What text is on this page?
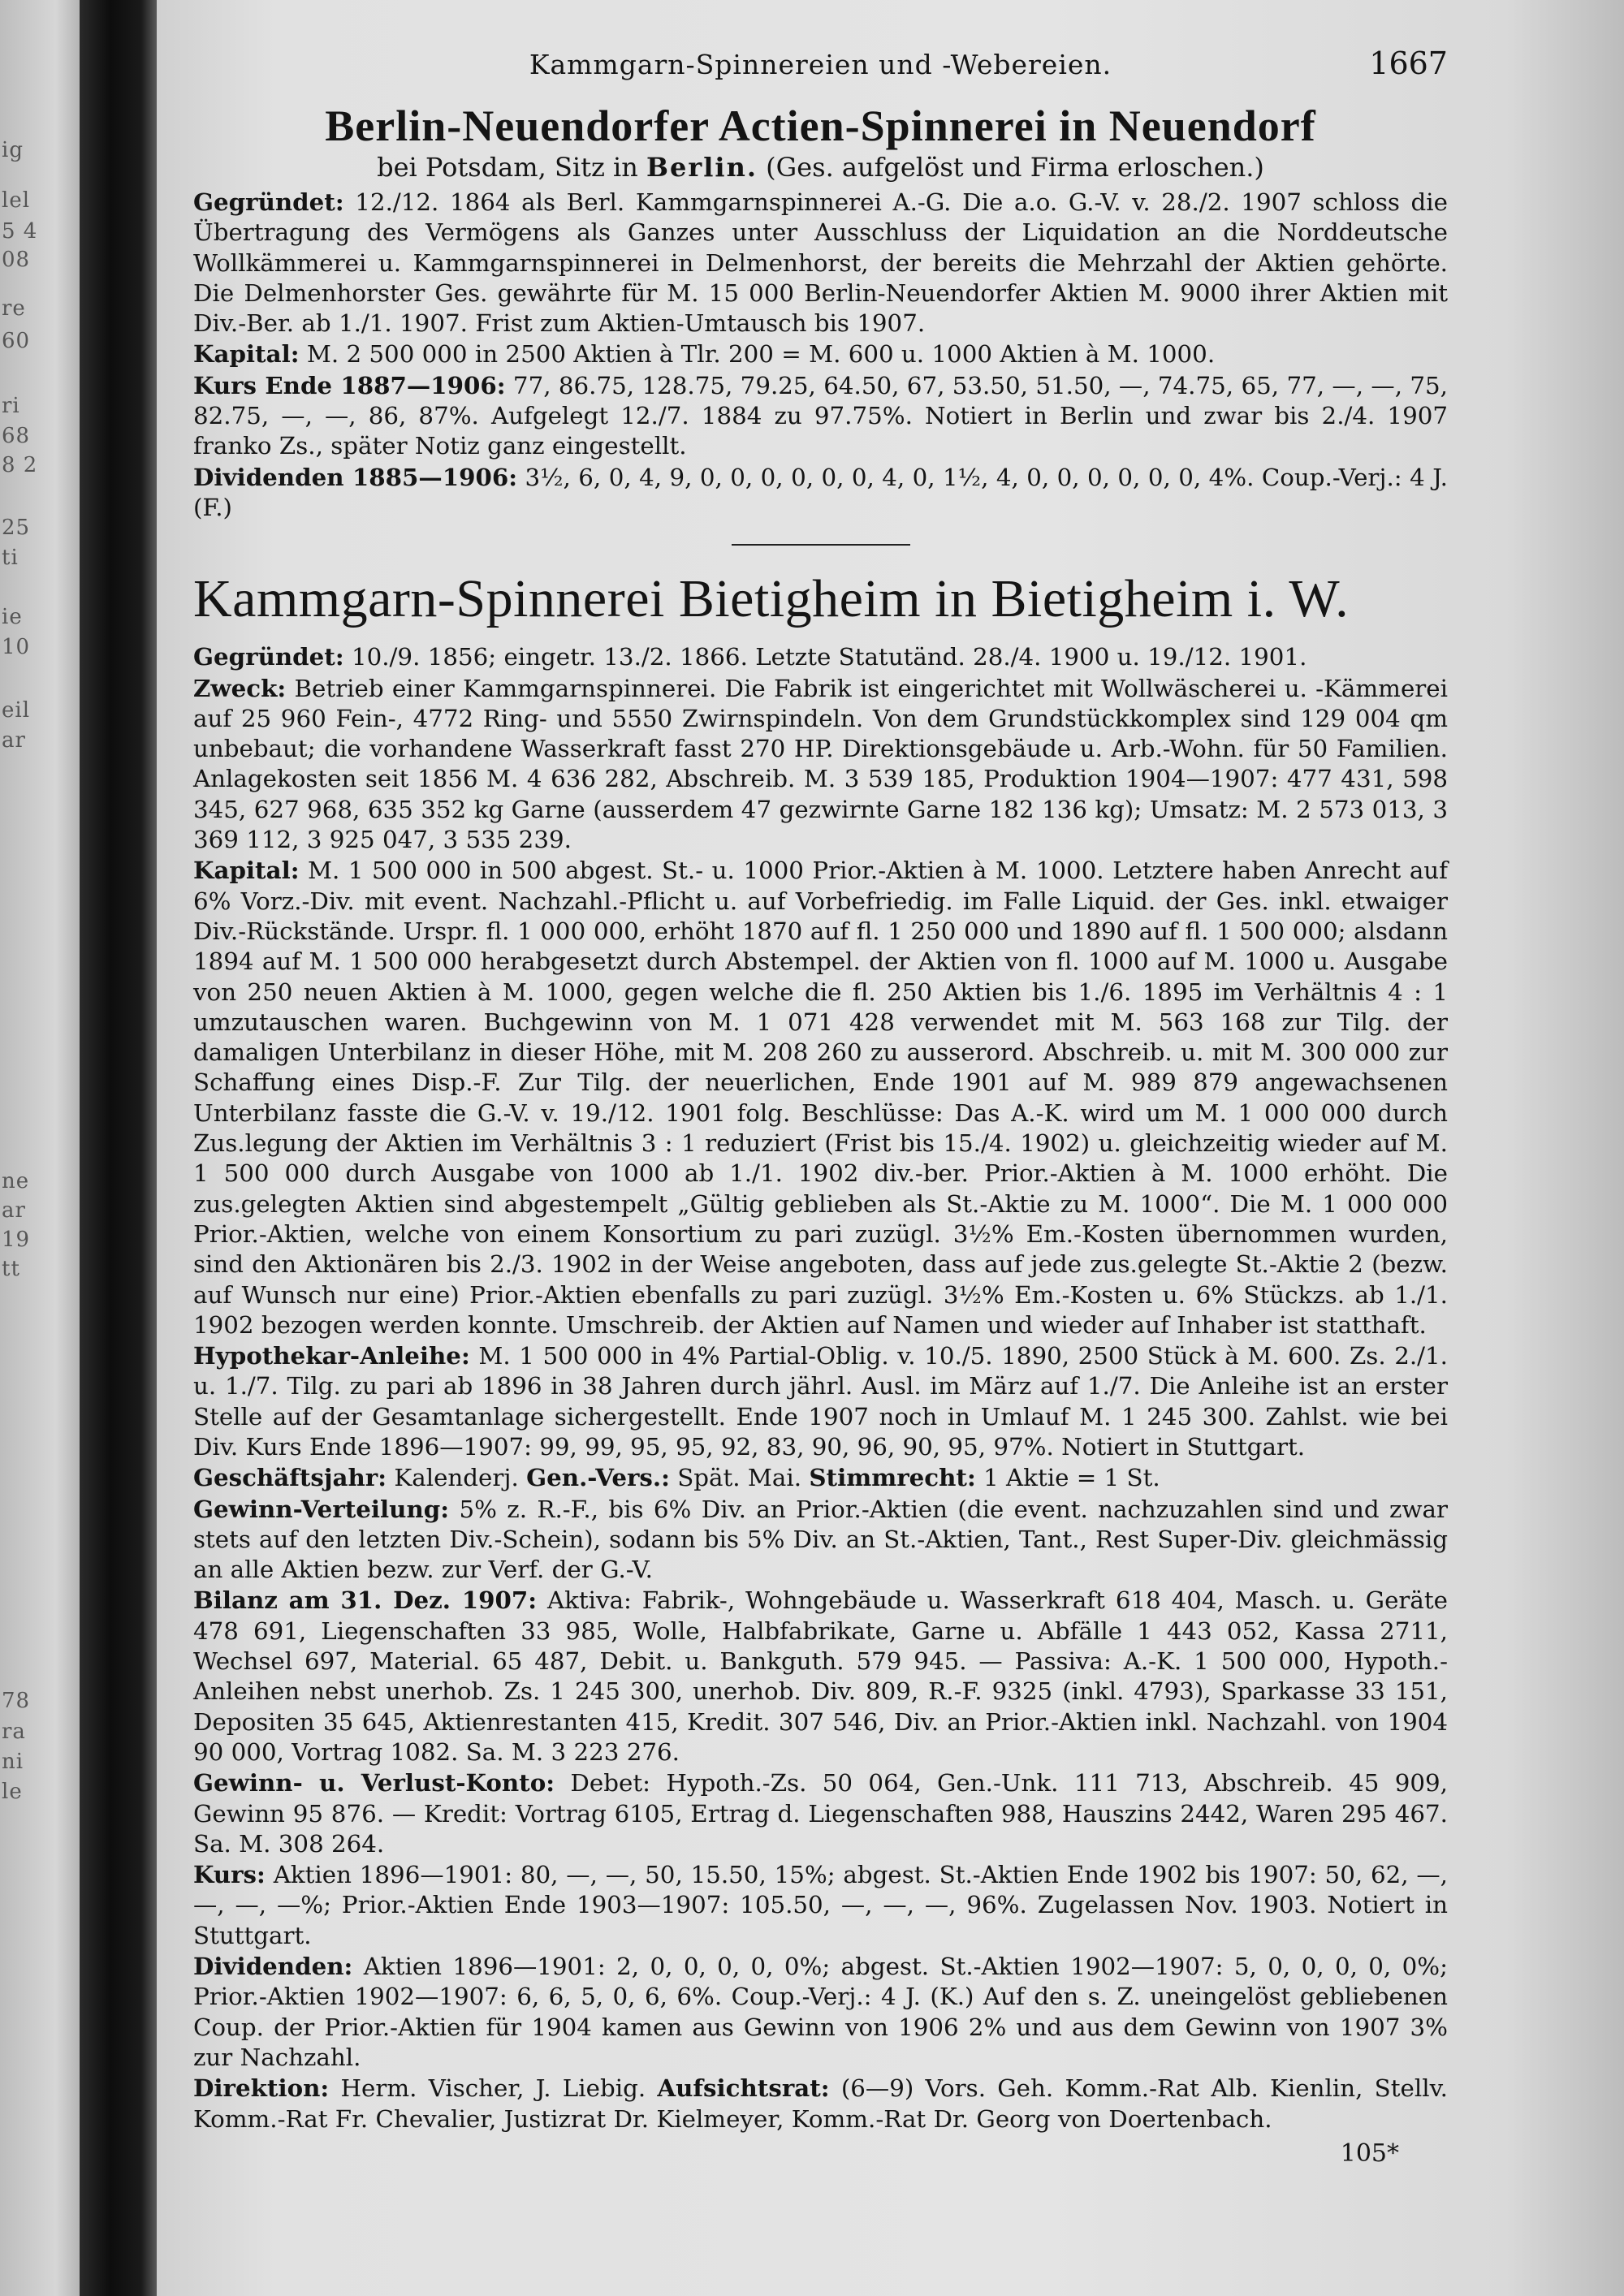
ig
lel
5 4
08
re
60
ri
68
8 2
25
ti
ie
10
eil
ar
ne
ar
19
tt
78
ra
ni
le
Kammgarn-Spinnereien und -Webereien.	1667
Berlin-Neuendorfer Actien-Spinnerei in Neuendorf
bei Potsdam, Sitz in Berlin. (Ges. aufgelöst und Firma erloschen.)

Gegründet: 12./12. 1864 als Berl. Kammgarnspinnerei A.-G. Die a.o. G.-V. v. 28./2. 1907 schloss die Übertragung des Vermögens als Ganzes unter Ausschluss der Liquidation an die Norddeutsche Wollkämmerei u. Kammgarnspinnerei in Delmenhorst, der bereits die Mehrzahl der Aktien gehörte. Die Delmenhorster Ges. gewährte für M. 15 000 Berlin-Neuendorfer Aktien M. 9000 ihrer Aktien mit Div.-Ber. ab 1./1. 1907. Frist zum Aktien-Umtausch bis 1907.

Kapital: M. 2 500 000 in 2500 Aktien à Tlr. 200 = M. 600 u. 1000 Aktien à M. 1000.

Kurs Ende 1887—1906: 77, 86.75, 128.75, 79.25, 64.50, 67, 53.50, 51.50, —, 74.75, 65, 77, —, —, 75, 82.75, —, —, 86, 87%. Aufgelegt 12./7. 1884 zu 97.75%. Notiert in Berlin und zwar bis 2./4. 1907 franko Zs., später Notiz ganz eingestellt.

Dividenden 1885—1906: 3½, 6, 0, 4, 9, 0, 0, 0, 0, 0, 0, 4, 0, 1½, 4, 0, 0, 0, 0, 0, 0, 4%. Coup.-Verj.: 4 J. (F.)

Kammgarn-Spinnerei Bietigheim in Bietigheim i. W.

Gegründet: 10./9. 1856; eingetr. 13./2. 1866. Letzte Statutänd. 28./4. 1900 u. 19./12. 1901.

Zweck: Betrieb einer Kammgarnspinnerei. Die Fabrik ist eingerichtet mit Wollwäscherei u. -Kämmerei auf 25 960 Fein-, 4772 Ring- und 5550 Zwirnspindeln. Von dem Grundstückkomplex sind 129 004 qm unbebaut; die vorhandene Wasserkraft fasst 270 HP. Direktionsgebäude u. Arb.-Wohn. für 50 Familien. Anlagekosten seit 1856 M. 4 636 282, Abschreib. M. 3 539 185, Produktion 1904—1907: 477 431, 598 345, 627 968, 635 352 kg Garne (ausserdem 47 gezwirnte Garne 182 136 kg); Umsatz: M. 2 573 013, 3 369 112, 3 925 047, 3 535 239.

Kapital: M. 1 500 000 in 500 abgest. St.- u. 1000 Prior.-Aktien à M. 1000. Letztere haben Anrecht auf 6% Vorz.-Div. mit event. Nachzahl.-Pflicht u. auf Vorbefriedig. im Falle Liquid. der Ges. inkl. etwaiger Div.-Rückstände. Urspr. fl. 1 000 000, erhöht 1870 auf fl. 1 250 000 und 1890 auf fl. 1 500 000; alsdann 1894 auf M. 1 500 000 herabgesetzt durch Abstempel. der Aktien von fl. 1000 auf M. 1000 u. Ausgabe von 250 neuen Aktien à M. 1000, gegen welche die fl. 250 Aktien bis 1./6. 1895 im Verhältnis 4 : 1 umzutauschen waren. Buchgewinn von M. 1 071 428 verwendet mit M. 563 168 zur Tilg. der damaligen Unterbilanz in dieser Höhe, mit M. 208 260 zu ausserord. Abschreib. u. mit M. 300 000 zur Schaffung eines Disp.-F. Zur Tilg. der neuerlichen, Ende 1901 auf M. 989 879 angewachsenen Unterbilanz fasste die G.-V. v. 19./12. 1901 folg. Beschlüsse: Das A.-K. wird um M. 1 000 000 durch Zus.legung der Aktien im Verhältnis 3 : 1 reduziert (Frist bis 15./4. 1902) u. gleichzeitig wieder auf M. 1 500 000 durch Ausgabe von 1000 ab 1./1. 1902 div.-ber. Prior.-Aktien à M. 1000 erhöht. Die zus.gelegten Aktien sind abgestempelt „Gültig geblieben als St.-Aktie zu M. 1000“. Die M. 1 000 000 Prior.-Aktien, welche von einem Konsortium zu pari zuzügl. 3½% Em.-Kosten übernommen wurden, sind den Aktionären bis 2./3. 1902 in der Weise angeboten, dass auf jede zus.gelegte St.-Aktie 2 (bezw. auf Wunsch nur eine) Prior.-Aktien ebenfalls zu pari zuzügl. 3½% Em.-Kosten u. 6% Stückzs. ab 1./1. 1902 bezogen werden konnte. Umschreib. der Aktien auf Namen und wieder auf Inhaber ist statthaft.

Hypothekar-Anleihe: M. 1 500 000 in 4% Partial-Oblig. v. 10./5. 1890, 2500 Stück à M. 600. Zs. 2./1. u. 1./7. Tilg. zu pari ab 1896 in 38 Jahren durch jährl. Ausl. im März auf 1./7. Die Anleihe ist an erster Stelle auf der Gesamtanlage sichergestellt. Ende 1907 noch in Umlauf M. 1 245 300. Zahlst. wie bei Div. Kurs Ende 1896—1907: 99, 99, 95, 95, 92, 83, 90, 96, 90, 95, 97%. Notiert in Stuttgart.

Geschäftsjahr: Kalenderj. Gen.-Vers.: Spät. Mai. Stimmrecht: 1 Aktie = 1 St.

Gewinn-Verteilung: 5% z. R.-F., bis 6% Div. an Prior.-Aktien (die event. nachzuzahlen sind und zwar stets auf den letzten Div.-Schein), sodann bis 5% Div. an St.-Aktien, Tant., Rest Super-Div. gleichmässig an alle Aktien bezw. zur Verf. der G.-V.

Bilanz am 31. Dez. 1907: Aktiva: Fabrik-, Wohngebäude u. Wasserkraft 618 404, Masch. u. Geräte 478 691, Liegenschaften 33 985, Wolle, Halbfabrikate, Garne u. Abfälle 1 443 052, Kassa 2711, Wechsel 697, Material. 65 487, Debit. u. Bankguth. 579 945. — Passiva: A.-K. 1 500 000, Hypoth.-Anleihen nebst unerhob. Zs. 1 245 300, unerhob. Div. 809, R.-F. 9325 (inkl. 4793), Sparkasse 33 151, Depositen 35 645, Aktienrestanten 415, Kredit. 307 546, Div. an Prior.-Aktien inkl. Nachzahl. von 1904 90 000, Vortrag 1082. Sa. M. 3 223 276.

Gewinn- u. Verlust-Konto: Debet: Hypoth.-Zs. 50 064, Gen.-Unk. 111 713, Abschreib. 45 909, Gewinn 95 876. — Kredit: Vortrag 6105, Ertrag d. Liegenschaften 988, Hauszins 2442, Waren 295 467. Sa. M. 308 264.

Kurs: Aktien 1896—1901: 80, —, —, 50, 15.50, 15%; abgest. St.-Aktien Ende 1902 bis 1907: 50, 62, —, —, —, —%; Prior.-Aktien Ende 1903—1907: 105.50, —, —, —, 96%. Zugelassen Nov. 1903. Notiert in Stuttgart.

Dividenden: Aktien 1896—1901: 2, 0, 0, 0, 0, 0%; abgest. St.-Aktien 1902—1907: 5, 0, 0, 0, 0, 0%; Prior.-Aktien 1902—1907: 6, 6, 5, 0, 6, 6%. Coup.-Verj.: 4 J. (K.) Auf den s. Z. uneingelöst gebliebenen Coup. der Prior.-Aktien für 1904 kamen aus Gewinn von 1906 2% und aus dem Gewinn von 1907 3% zur Nachzahl.

Direktion: Herm. Vischer, J. Liebig. Aufsichtsrat: (6—9) Vors. Geh. Komm.-Rat Alb. Kienlin, Stellv. Komm.-Rat Fr. Chevalier, Justizrat Dr. Kielmeyer, Komm.-Rat Dr. Georg von Doertenbach.

105*
